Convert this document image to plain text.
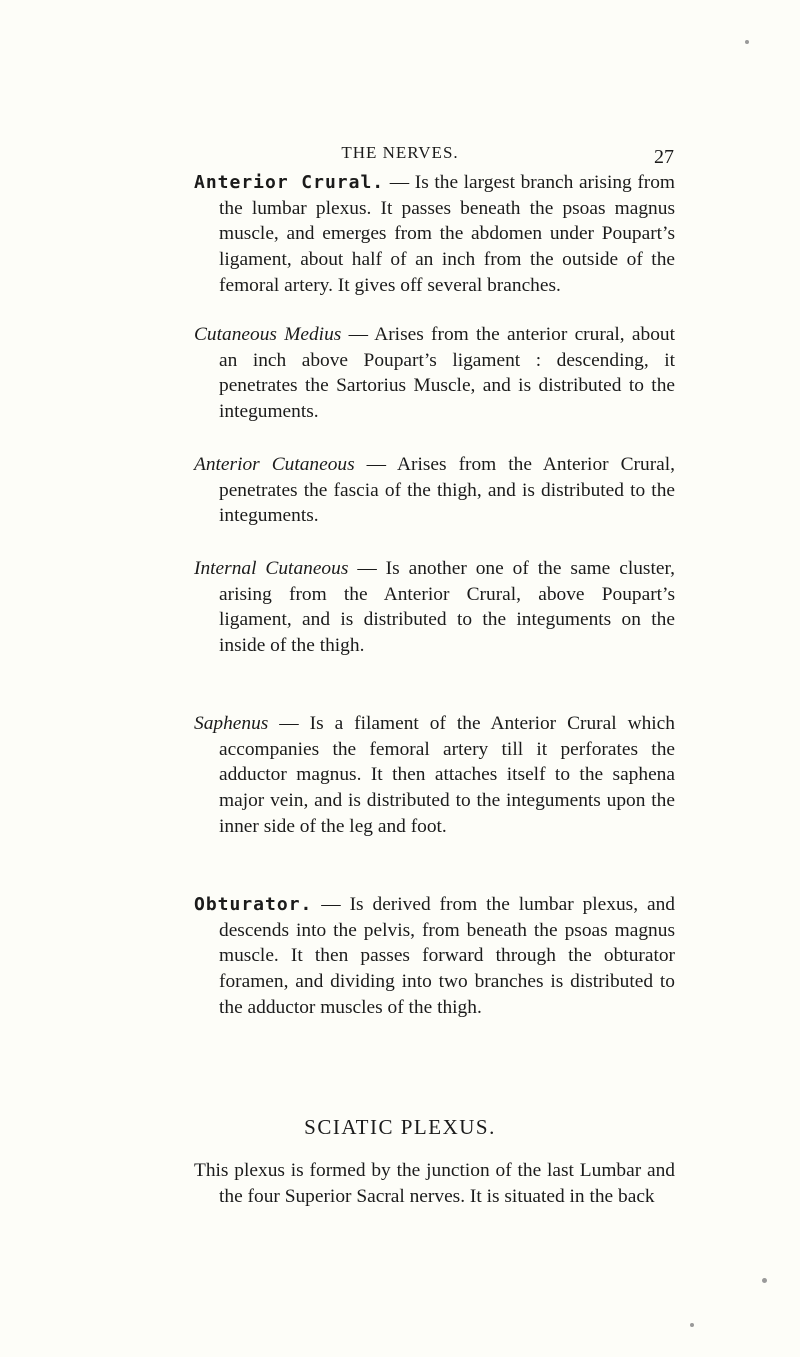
THE NERVES.	27

Anterior Crural. — Is the largest branch arising from the lumbar plexus. It passes beneath the psoas magnus muscle, and emerges from the abdomen under Poupart’s ligament, about half of an inch from the outside of the femoral artery. It gives off several branches.

Cutaneous Medius — Arises from the anterior crural, about an inch above Poupart’s ligament : descending, it penetrates the Sartorius Muscle, and is distributed to the integuments.

Anterior Cutaneous — Arises from the Anterior Crural, penetrates the fascia of the thigh, and is distributed to the integuments.

Internal Cutaneous — Is another one of the same cluster, arising from the Anterior Crural, above Poupart’s ligament, and is distributed to the integuments on the inside of the thigh.

Saphenus — Is a filament of the Anterior Crural which accompanies the femoral artery till it perforates the adductor magnus. It then attaches itself to the saphena major vein, and is distributed to the integuments upon the inner side of the leg and foot.

Obturator. — Is derived from the lumbar plexus, and descends into the pelvis, from beneath the psoas magnus muscle. It then passes forward through the obturator foramen, and dividing into two branches is distributed to the adductor muscles of the thigh.

SCIATIC PLEXUS.

This plexus is formed by the junction of the last Lumbar and the four Superior Sacral nerves. It is situated in the back
